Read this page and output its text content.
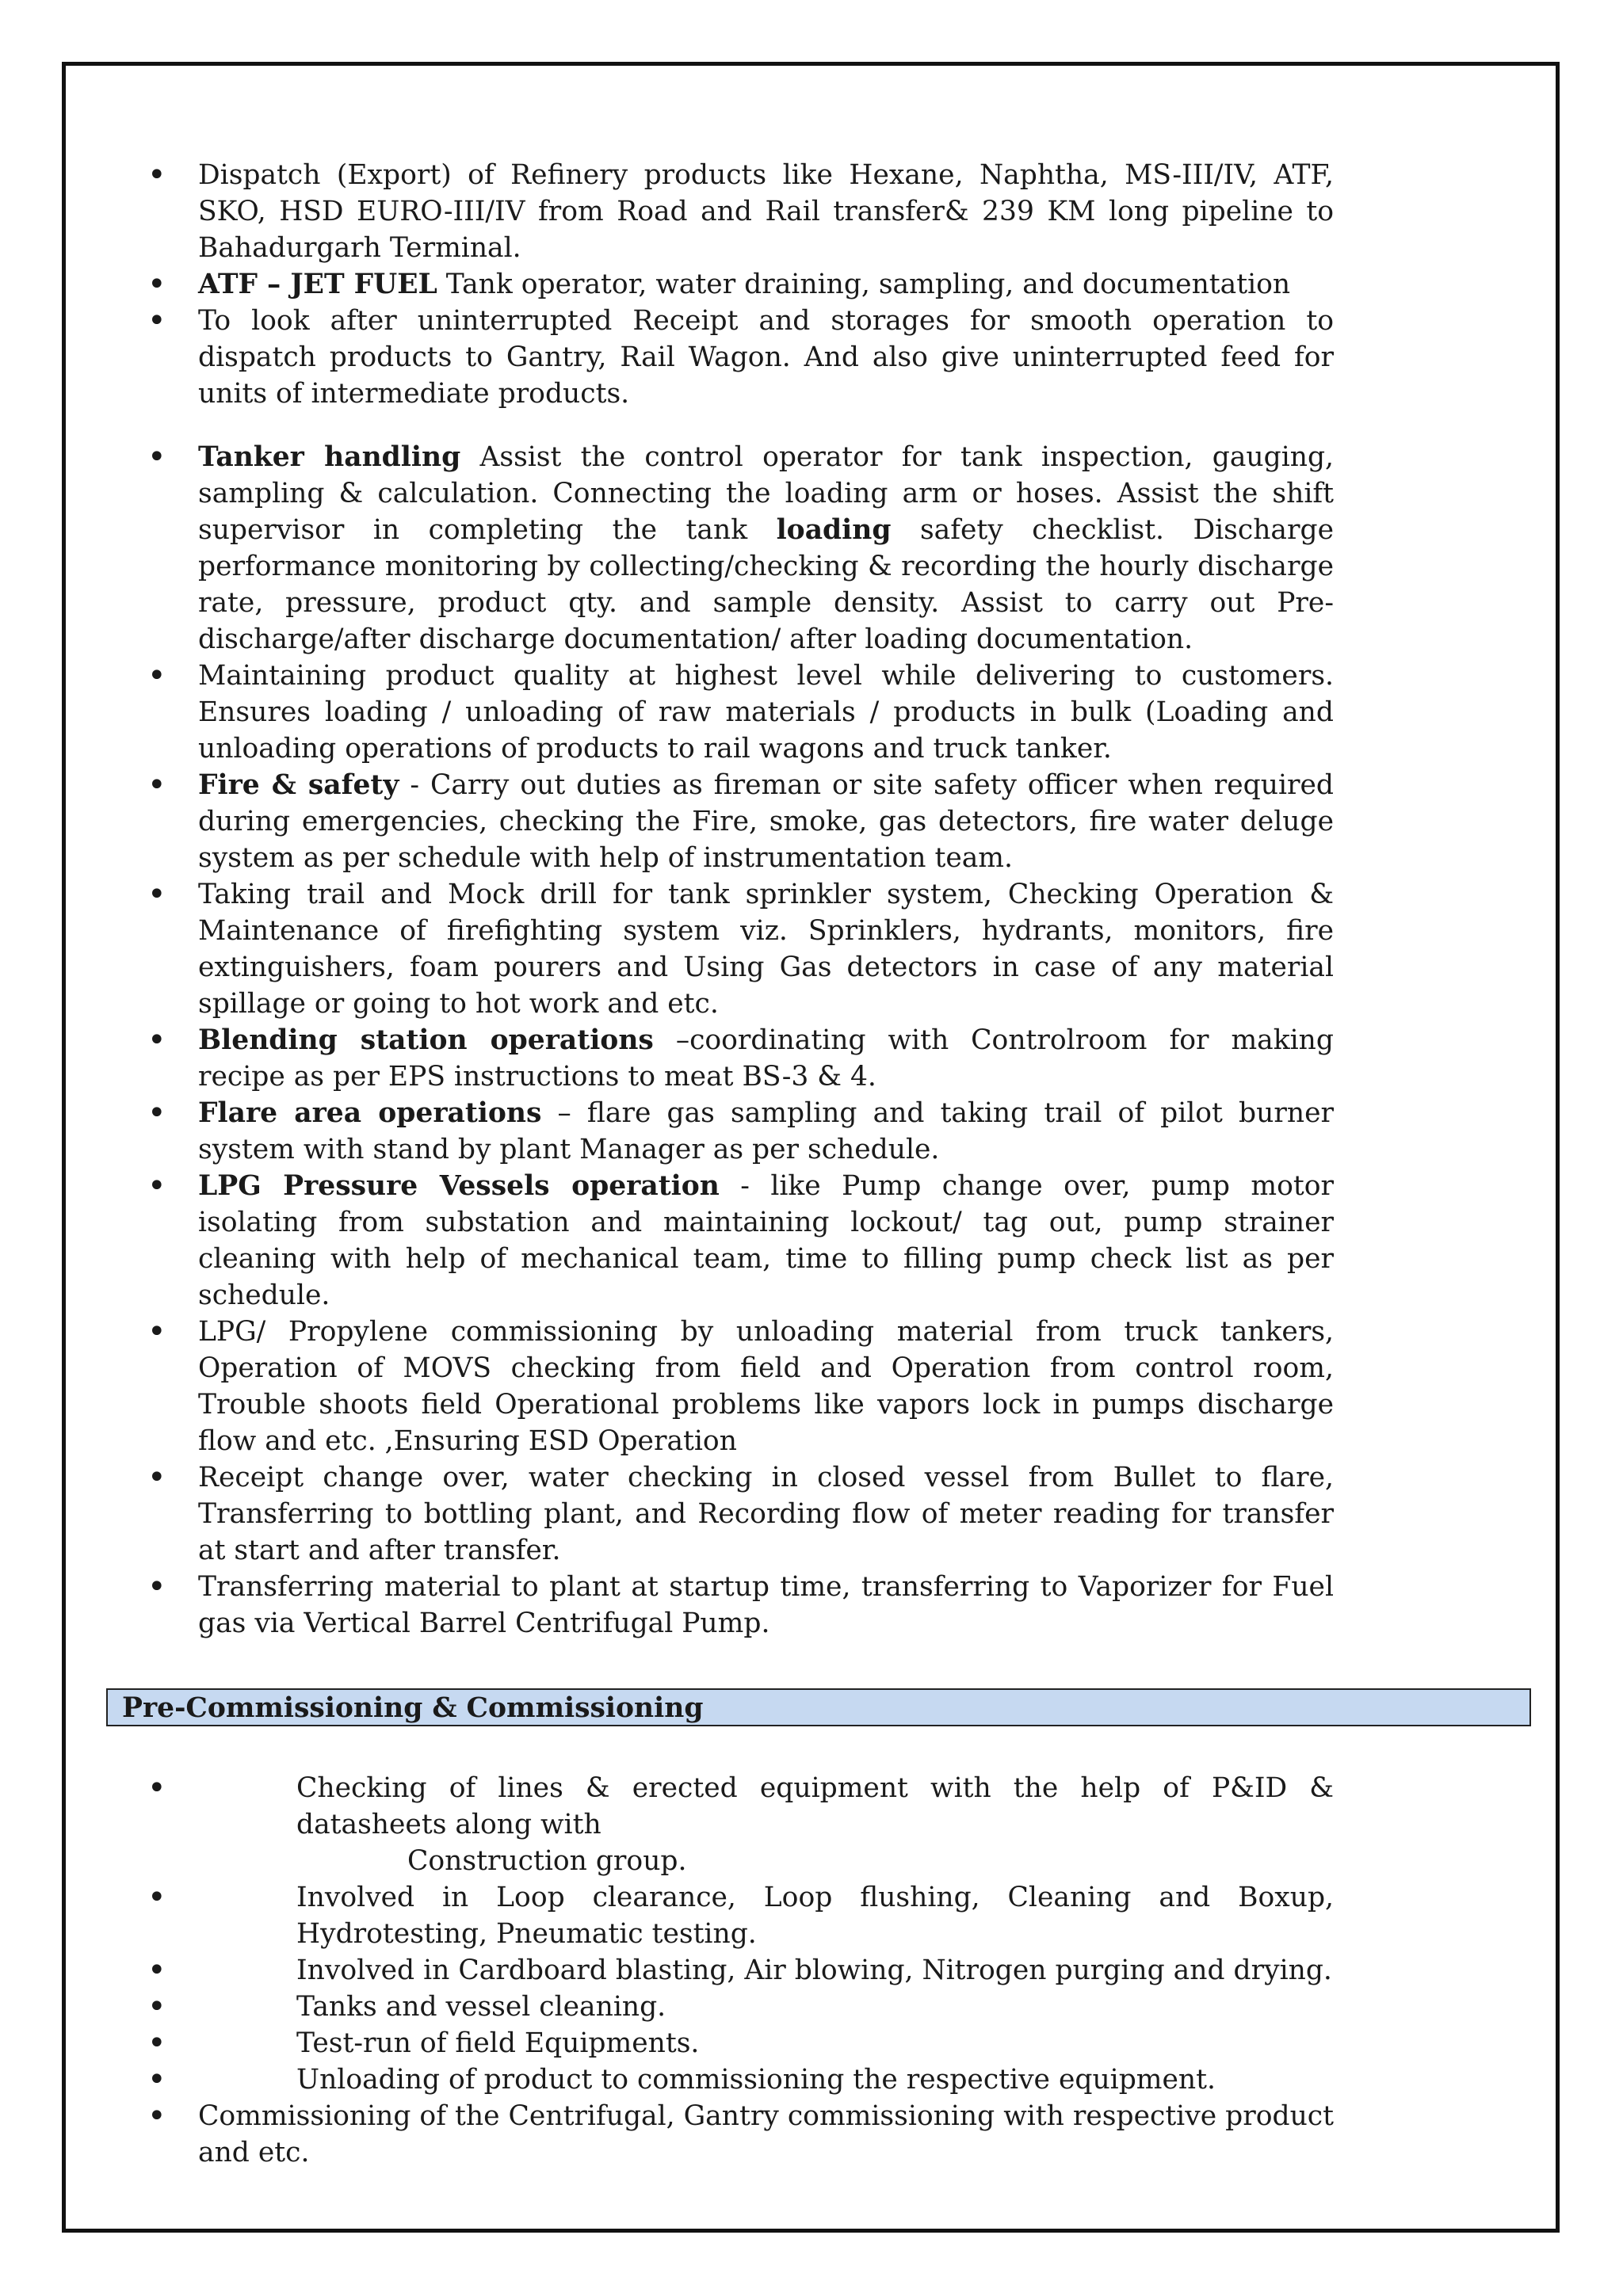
• Dispatch (Export) of Refinery products like Hexane, Naphtha, MS-III/IV, ATF, SKO, HSD EURO-III/IV from Road and Rail transfer& 239 KM long pipeline to Bahadurgarh Terminal.
• ATF – JET FUEL Tank operator, water draining, sampling, and documentation
• To look after uninterrupted Receipt and storages for smooth operation to dispatch products to Gantry, Rail Wagon. And also give uninterrupted feed for units of intermediate products.
• Tanker handling Assist the control operator for tank inspection, gauging, sampling & calculation. Connecting the loading arm or hoses. Assist the shift supervisor in completing the tank loading safety checklist. Discharge performance monitoring by collecting/checking & recording the hourly discharge rate, pressure, product qty. and sample density. Assist to carry out Pre-discharge/after discharge documentation/ after loading documentation.
• Maintaining product quality at highest level while delivering to customers. Ensures loading / unloading of raw materials / products in bulk (Loading and unloading operations of products to rail wagons and truck tanker.
• Fire & safety - Carry out duties as fireman or site safety officer when required during emergencies, checking the Fire, smoke, gas detectors, fire water deluge system as per schedule with help of instrumentation team.
• Taking trail and Mock drill for tank sprinkler system, Checking Operation & Maintenance of firefighting system viz. Sprinklers, hydrants, monitors, fire extinguishers, foam pourers and Using Gas detectors in case of any material spillage or going to hot work and etc.
• Blending station operations –coordinating with Controlroom for making recipe as per EPS instructions to meat BS-3 & 4.
• Flare area operations – flare gas sampling and taking trail of pilot burner system with stand by plant Manager as per schedule.
• LPG Pressure Vessels operation - like Pump change over, pump motor isolating from substation and maintaining lockout/ tag out, pump strainer cleaning with help of mechanical team, time to filling pump check list as per schedule.
• LPG/ Propylene commissioning by unloading material from truck tankers, Operation of MOVS checking from field and Operation from control room, Trouble shoots field Operational problems like vapors lock in pumps discharge flow and etc. ,Ensuring ESD Operation
• Receipt change over, water checking in closed vessel from Bullet to flare, Transferring to bottling plant, and Recording flow of meter reading for transfer at start and after transfer.
• Transferring material to plant at startup time, transferring to Vaporizer for Fuel gas via Vertical Barrel Centrifugal Pump.

Pre-Commissioning & Commissioning

• Checking of lines & erected equipment with the help of P&ID & datasheets along with
Construction group.
• Involved in Loop clearance, Loop flushing, Cleaning and Boxup, Hydrotesting, Pneumatic testing.
• Involved in Cardboard blasting, Air blowing, Nitrogen purging and drying.
• Tanks and vessel cleaning.
• Test-run of field Equipments.
• Unloading of product to commissioning the respective equipment.
• Commissioning of the Centrifugal, Gantry commissioning with respective product and etc.
